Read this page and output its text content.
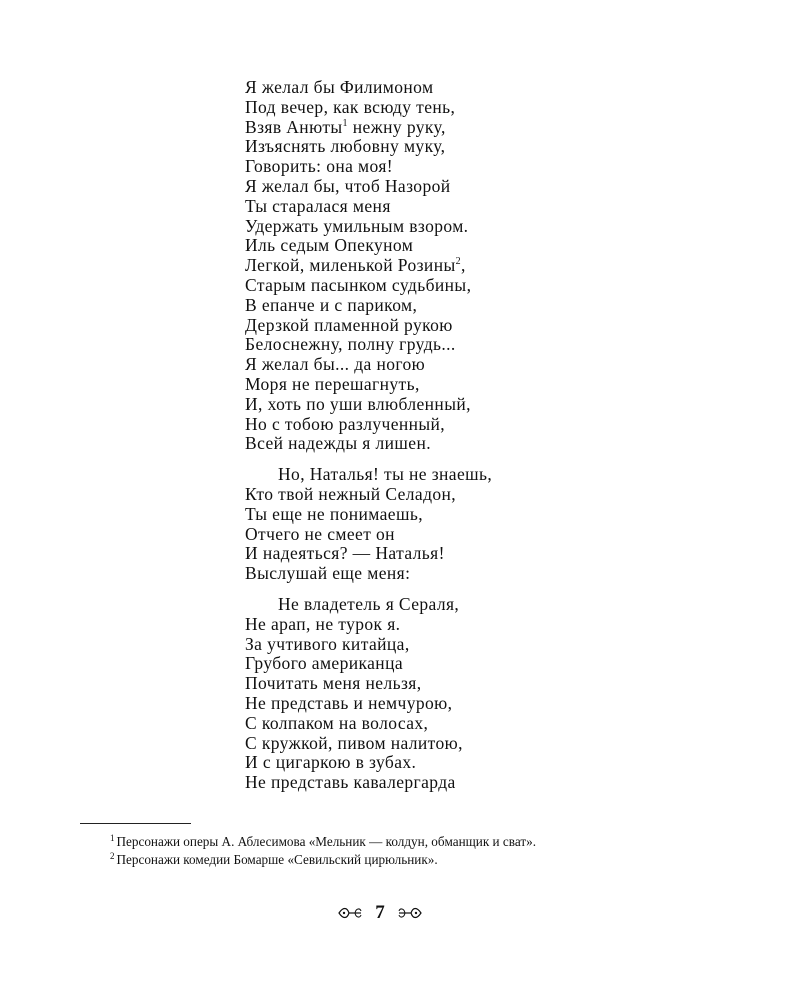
Я желал бы Филимоном
Под вечер, как всюду тень,
Взяв Анюты$^1$ нежну руку,
Изъяснять любовну муку,
Говорить: она моя!
Я желал бы, чтоб Назорой
Ты старалася меня
Удержать умильным взором.
Иль седым Опекуном
Легкой, миленькой Розины$^2$,
Старым пасынком судьбины,
В епанче и с париком,
Дерзкой пламенной рукою
Белоснежну, полну грудь...
Я желал бы... да ногою
Моря не перешагнуть,
И, хоть по уши влюбленный,
Но с тобою разлученный,
Всей надежды я лишен.
Но, Наталья! ты не знаешь,
Кто твой нежный Селадон,
Ты еще не понимаешь,
Отчего не смеет он
И надеяться? — Наталья!
Выслушай еще меня:
Не владетель я Сераля,
Не арап, не турок я.
За учтивого китайца,
Грубого американца
Почитать меня нельзя,
Не представь и немчурою,
С колпаком на волосах,
С кружкой, пивом налитою,
И с цигаркою в зубах.
Не представь кавалергарда

$^1$ Персонажи оперы А. Аблесимова «Мельник — колдун, обманщик и сват».

$^2$ Персонажи комедии Бомарше «Севильский цирюльник».

7
